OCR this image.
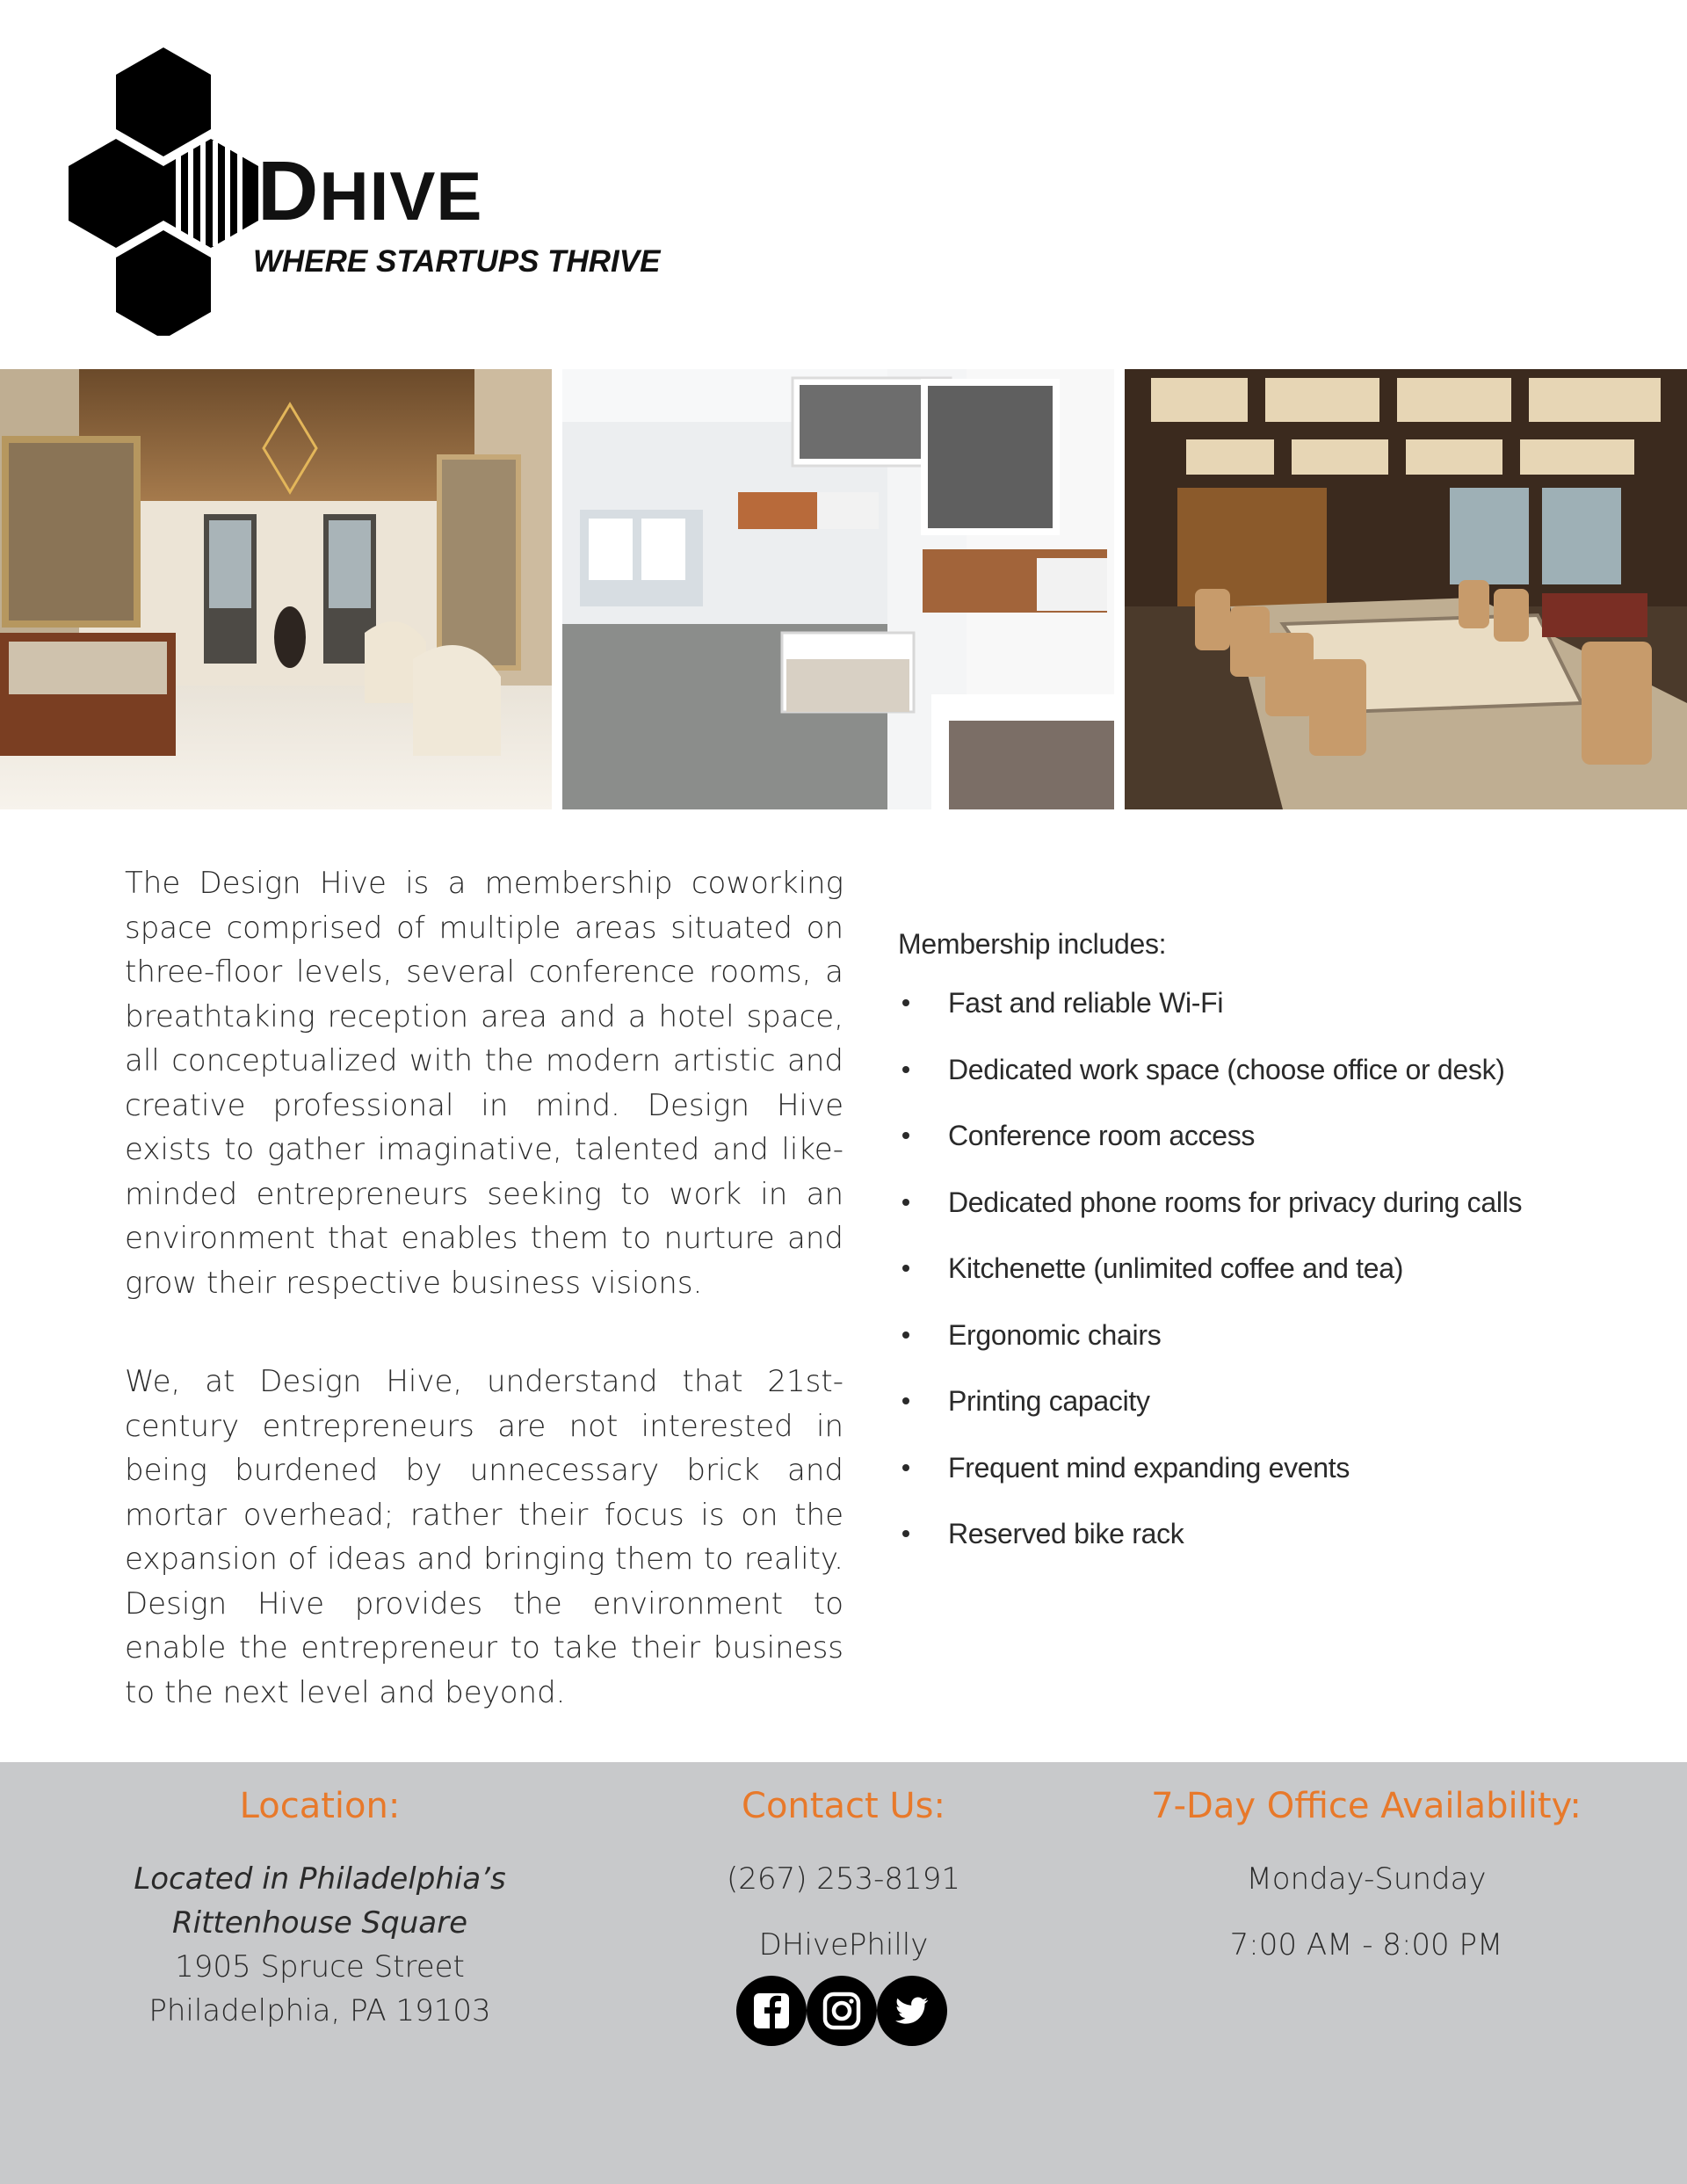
DHIVE
WHERE STARTUPS THRIVE

The Design Hive is a membership coworking space comprised of multiple areas situated on three-floor levels, several conference rooms, a breathtaking reception area and a hotel space, all conceptualized with the modern artistic and creative professional in mind. Design Hive exists to gather imaginative, talented and like-minded entrepreneurs seeking to work in an environment that enables them to nurture and grow their respective business visions.

We, at Design Hive, understand that 21st- century entrepreneurs are not interested in being burdened by unnecessary brick and mortar overhead; rather their focus is on the expansion of ideas and bringing them to reality. Design Hive provides the environment to enable the entrepreneur to take their business to the next level and beyond.

Membership includes:

Fast and reliable Wi-Fi
Dedicated work space (choose office or desk)
Conference room access
Dedicated phone rooms for privacy during calls
Kitchenette (unlimited coffee and tea)
Ergonomic chairs
Printing capacity
Frequent mind expanding events
Reserved bike rack
Location:
Located in Philadelphia’s
Rittenhouse Square
1905 Spruce Street
Philadelphia, PA 19103
Contact Us:
(267) 253-8191
DHivePhilly
7-Day Office Availability:
Monday-Sunday
7:00 AM - 8:00 PM
